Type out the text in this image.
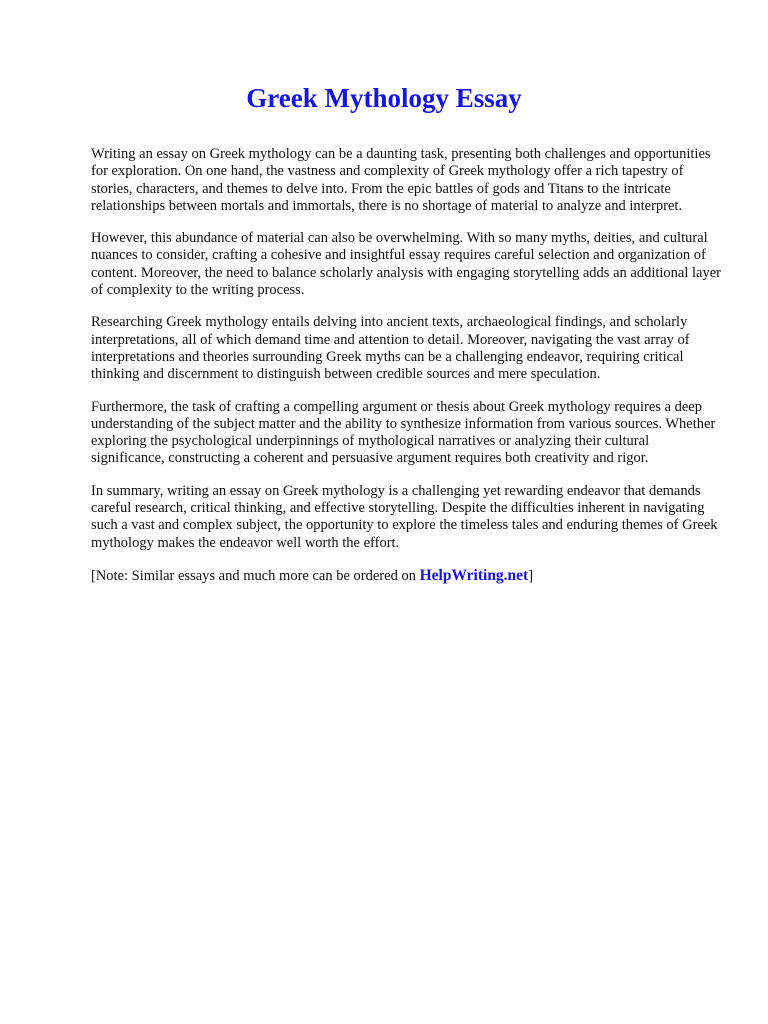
Greek Mythology Essay

Writing an essay on Greek mythology can be a daunting task, presenting both challenges and opportunities for exploration. On one hand, the vastness and complexity of Greek mythology offer a rich tapestry of stories, characters, and themes to delve into. From the epic battles of gods and Titans to the intricate relationships between mortals and immortals, there is no shortage of material to analyze and interpret.

However, this abundance of material can also be overwhelming. With so many myths, deities, and cultural nuances to consider, crafting a cohesive and insightful essay requires careful selection and organization of content. Moreover, the need to balance scholarly analysis with engaging storytelling adds an additional layer of complexity to the writing process.

Researching Greek mythology entails delving into ancient texts, archaeological findings, and scholarly interpretations, all of which demand time and attention to detail. Moreover, navigating the vast array of interpretations and theories surrounding Greek myths can be a challenging endeavor, requiring critical thinking and discernment to distinguish between credible sources and mere speculation.

Furthermore, the task of crafting a compelling argument or thesis about Greek mythology requires a deep understanding of the subject matter and the ability to synthesize information from various sources. Whether exploring the psychological underpinnings of mythological narratives or analyzing their cultural significance, constructing a coherent and persuasive argument requires both creativity and rigor.

In summary, writing an essay on Greek mythology is a challenging yet rewarding endeavor that demands careful research, critical thinking, and effective storytelling. Despite the difficulties inherent in navigating such a vast and complex subject, the opportunity to explore the timeless tales and enduring themes of Greek mythology makes the endeavor well worth the effort.

[Note: Similar essays and much more can be ordered on HelpWriting.net]
